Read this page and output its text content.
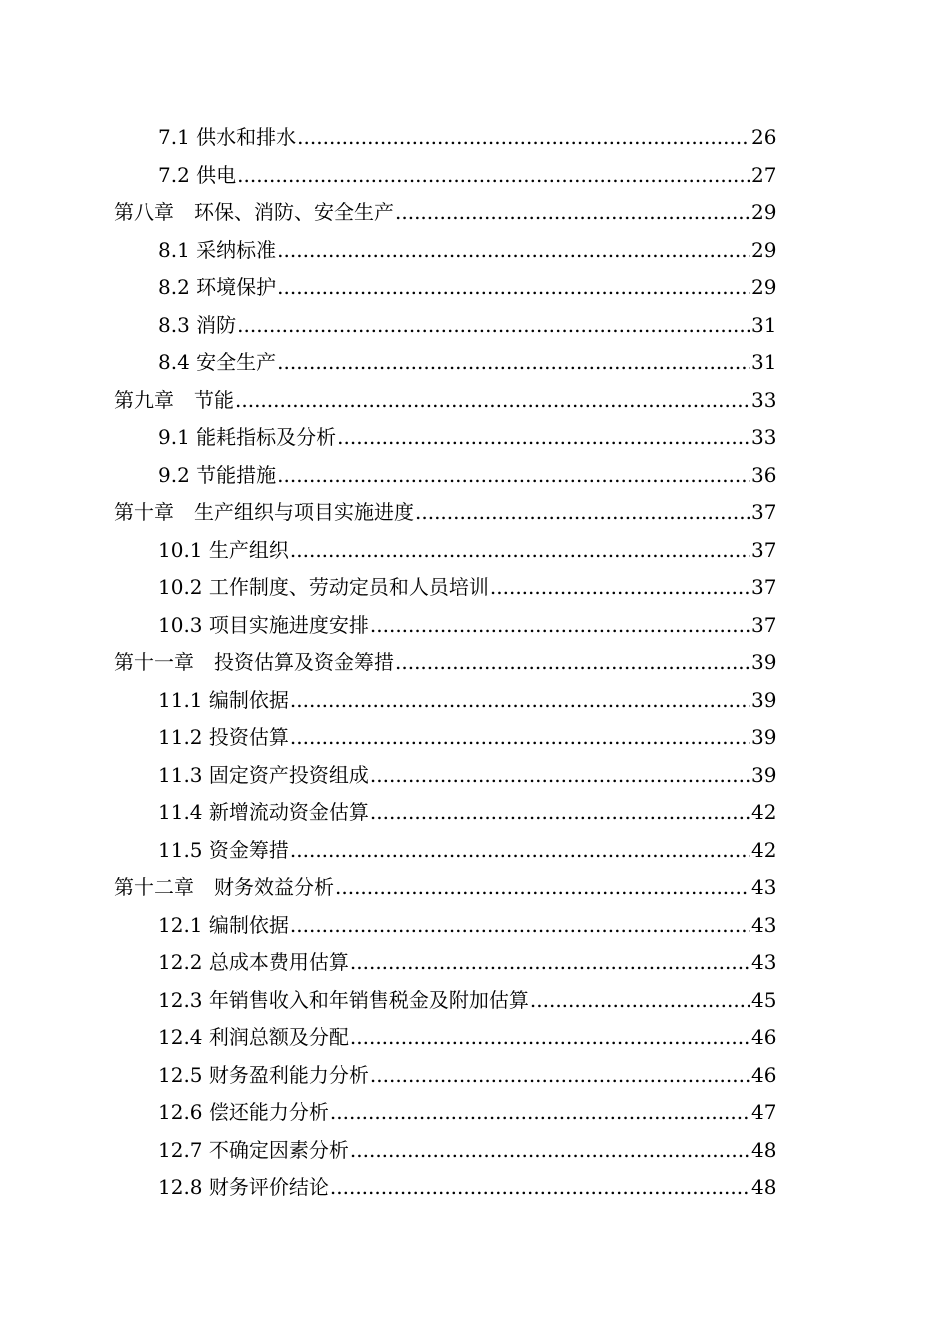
7.1 供水和排水 .....	26
7.2 供电 .....	27
第八章　环保、消防、安全生产 .....	29
8.1 采纳标准 .....	29
8.2 环境保护 .....	29
8.3 消防 .....	31
8.4 安全生产 .....	31
第九章　节能 .....	33
9.1 能耗指标及分析 .....	33
9.2 节能措施 .....	36
第十章　生产组织与项目实施进度 .....	37
10.1 生产组织 .....	37
10.2 工作制度、劳动定员和人员培训 .....	37
10.3 项目实施进度安排 .....	37
第十一章　投资估算及资金筹措 .....	39
11.1 编制依据 .....	39
11.2 投资估算 .....	39
11.3 固定资产投资组成 .....	39
11.4 新增流动资金估算 .....	42
11.5 资金筹措 .....	42
第十二章　财务效益分析 .....	43
12.1 编制依据 .....	43
12.2 总成本费用估算 .....	43
12.3 年销售收入和年销售税金及附加估算 .....	45
12.4 利润总额及分配 .....	46
12.5 财务盈利能力分析 .....	46
12.6 偿还能力分析 .....	47
12.7 不确定因素分析 .....	48
12.8 财务评价结论 .....	48
